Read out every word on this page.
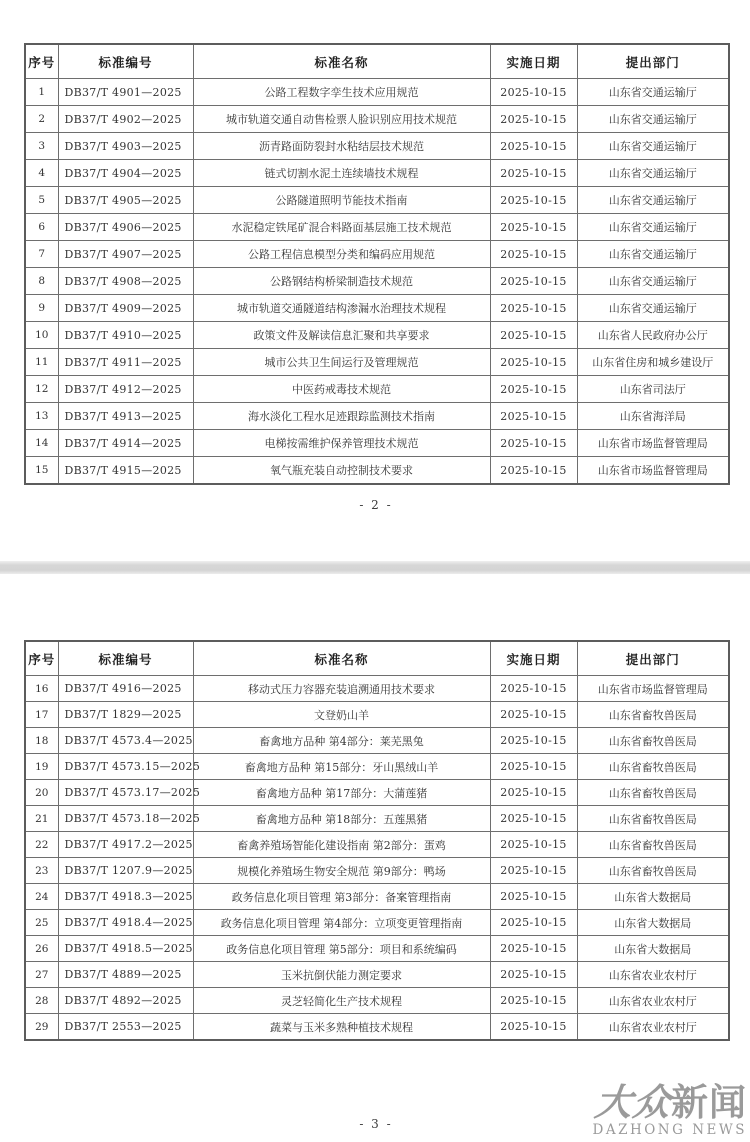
序号	标准编号	标准名称	实施日期	提出部门
1	DB37/T 4901—2025	公路工程数字孪生技术应用规范	2025-10-15	山东省交通运输厅
2	DB37/T 4902—2025	城市轨道交通自动售检票人脸识别应用技术规范	2025-10-15	山东省交通运输厅
3	DB37/T 4903—2025	沥青路面防裂封水粘结层技术规范	2025-10-15	山东省交通运输厅
4	DB37/T 4904—2025	链式切割水泥土连续墙技术规程	2025-10-15	山东省交通运输厅
5	DB37/T 4905—2025	公路隧道照明节能技术指南	2025-10-15	山东省交通运输厅
6	DB37/T 4906—2025	水泥稳定铁尾矿混合料路面基层施工技术规范	2025-10-15	山东省交通运输厅
7	DB37/T 4907—2025	公路工程信息模型分类和编码应用规范	2025-10-15	山东省交通运输厅
8	DB37/T 4908—2025	公路钢结构桥梁制造技术规范	2025-10-15	山东省交通运输厅
9	DB37/T 4909—2025	城市轨道交通隧道结构渗漏水治理技术规程	2025-10-15	山东省交通运输厅
10	DB37/T 4910—2025	政策文件及解读信息汇聚和共享要求	2025-10-15	山东省人民政府办公厅
11	DB37/T 4911—2025	城市公共卫生间运行及管理规范	2025-10-15	山东省住房和城乡建设厅
12	DB37/T 4912—2025	中医药戒毒技术规范	2025-10-15	山东省司法厅
13	DB37/T 4913—2025	海水淡化工程水足迹跟踪监测技术指南	2025-10-15	山东省海洋局
14	DB37/T 4914—2025	电梯按需维护保养管理技术规范	2025-10-15	山东省市场监督管理局
15	DB37/T 4915—2025	氧气瓶充装自动控制技术要求	2025-10-15	山东省市场监督管理局
- 2 -
序号	标准编号	标准名称	实施日期	提出部门
16	DB37/T 4916—2025	移动式压力容器充装追溯通用技术要求	2025-10-15	山东省市场监督管理局
17	DB37/T 1829—2025	文登奶山羊	2025-10-15	山东省畜牧兽医局
18	DB37/T 4573.4—2025	畜禽地方品种 第4部分：莱芜黑兔	2025-10-15	山东省畜牧兽医局
19	DB37/T 4573.15—2025	畜禽地方品种 第15部分：牙山黑绒山羊	2025-10-15	山东省畜牧兽医局
20	DB37/T 4573.17—2025	畜禽地方品种 第17部分：大蒲莲猪	2025-10-15	山东省畜牧兽医局
21	DB37/T 4573.18—2025	畜禽地方品种 第18部分：五莲黑猪	2025-10-15	山东省畜牧兽医局
22	DB37/T 4917.2—2025	畜禽养殖场智能化建设指南 第2部分：蛋鸡	2025-10-15	山东省畜牧兽医局
23	DB37/T 1207.9—2025	规模化养殖场生物安全规范 第9部分：鸭场	2025-10-15	山东省畜牧兽医局
24	DB37/T 4918.3—2025	政务信息化项目管理 第3部分：备案管理指南	2025-10-15	山东省大数据局
25	DB37/T 4918.4—2025	政务信息化项目管理 第4部分：立项变更管理指南	2025-10-15	山东省大数据局
26	DB37/T 4918.5—2025	政务信息化项目管理 第5部分：项目和系统编码	2025-10-15	山东省大数据局
27	DB37/T 4889—2025	玉米抗倒伏能力测定要求	2025-10-15	山东省农业农村厅
28	DB37/T 4892—2025	灵芝轻简化生产技术规程	2025-10-15	山东省农业农村厅
29	DB37/T 2553—2025	蔬菜与玉米多熟种植技术规程	2025-10-15	山东省农业农村厅
- 3 -
大众新闻
DAZHONG NEWS
